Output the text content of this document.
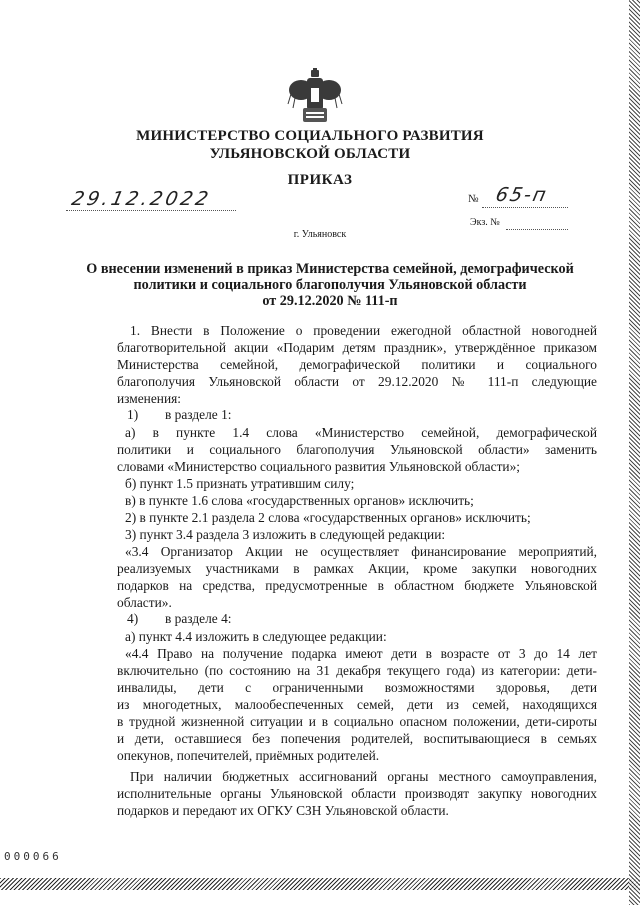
МИНИСТЕРСТВО СОЦИАЛЬНОГО РАЗВИТИЯ
УЛЬЯНОВСКОЙ ОБЛАСТИ
ПРИКАЗ
29.12.2022	№ 65-п
Экз. №
г. Ульяновск
О внесении изменений в приказ Министерства семейной, демографической
политики и социального благополучия Ульяновской области
от 29.12.2020 № 111-п
1. Внести в Положение о проведении ежегодной областной новогодней
благотворительной акции «Подарим детям праздник», утверждённое приказом
Министерства семейной, демографической политики и социального
благополучия Ульяновской области от 29.12.2020 № 111-п следующие
изменения:
1) в разделе 1:
а) в пункте 1.4 слова «Министерство семейной, демографической
политики и социального благополучия Ульяновской области» заменить
словами «Министерство социального развития Ульяновской области»;
б) пункт 1.5 признать утратившим силу;
в) в пункте 1.6 слова «государственных органов» исключить;
2) в пункте 2.1 раздела 2 слова «государственных органов» исключить;
3) пункт 3.4 раздела 3 изложить в следующей редакции:
«3.4 Организатор Акции не осуществляет финансирование мероприятий,
реализуемых участниками в рамках Акции, кроме закупки новогодних
подарков на средства, предусмотренные в областном бюджете Ульяновской
области».
4) в разделе 4:
а) пункт 4.4 изложить в следующее редакции:
«4.4 Право на получение подарка имеют дети в возрасте от 3 до 14 лет
включительно (по состоянию на 31 декабря текущего года) из категории: дети-
инвалиды, дети с ограниченными возможностями здоровья, дети
из многодетных, малообеспеченных семей, дети из семей, находящихся
в трудной жизненной ситуации и в социально опасном положении, дети-сироты
и дети, оставшиеся без попечения родителей, воспитывающиеся в семьях
опекунов, попечителей, приёмных родителей.
При наличии бюджетных ассигнований органы местного самоуправления,
исполнительные органы Ульяновской области производят закупку новогодних
подарков и передают их ОГКУ СЗН Ульяновской области.
000066
